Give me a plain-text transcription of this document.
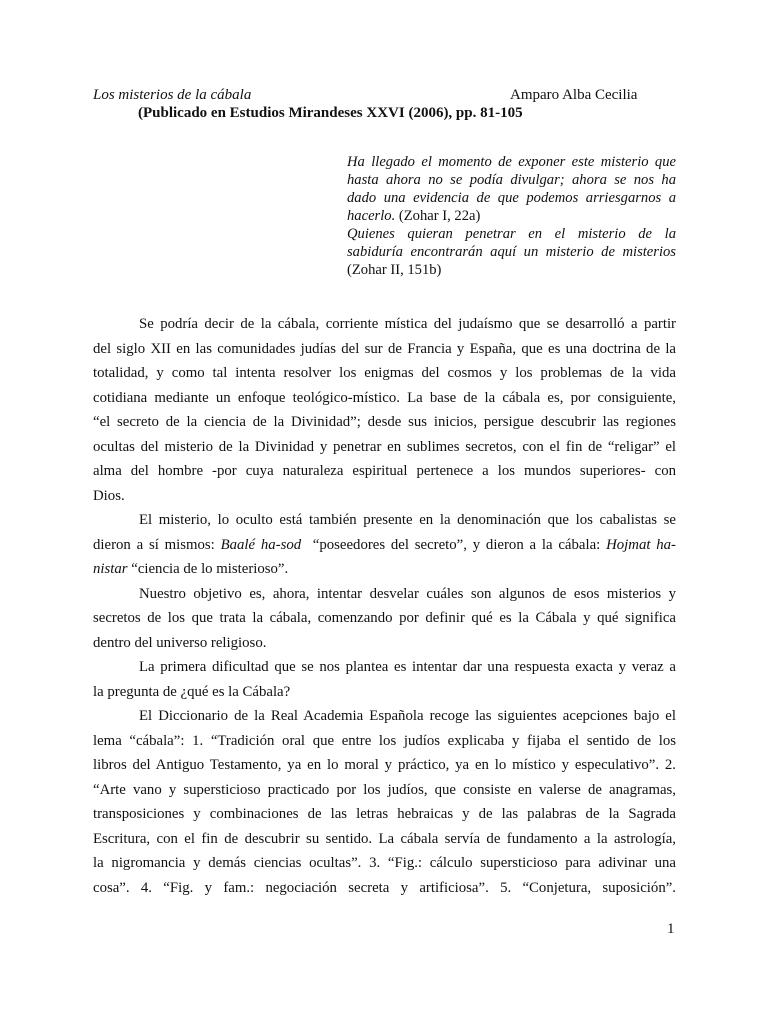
Los misterios de la cábala	Amparo Alba Cecilia
(Publicado en Estudios Mirandeses XXVI (2006), pp. 81-105
Ha llegado el momento de exponer este misterio que
hasta ahora no se podía divulgar; ahora se nos ha
dado una evidencia de que podemos arriesgarnos a
hacerlo. (Zohar I, 22a)
Quienes quieran penetrar en el misterio de la
sabiduría encontrarán aquí un misterio de misterios
(Zohar II, 151b)
Se podría decir de la cábala, corriente mística del judaísmo que se desarrolló a partir
del siglo XII en las comunidades judías del sur de Francia y España, que es una doctrina de la
totalidad, y como tal intenta resolver los enigmas del cosmos y los problemas de la vida
cotidiana mediante un enfoque teológico-místico. La base de la cábala es, por consiguiente,
“el secreto de la ciencia de la Divinidad”; desde sus inicios, persigue descubrir las regiones
ocultas del misterio de la Divinidad y penetrar en sublimes secretos, con el fin de “religar” el
alma del hombre -por cuya naturaleza espiritual pertenece a los mundos superiores- con
Dios.
El misterio, lo oculto está también presente en la denominación que los cabalistas se
dieron a sí mismos: Baalé ha-sod  “poseedores del secreto”, y dieron a la cábala: Hojmat ha-
nistar “ciencia de lo misterioso”.
Nuestro objetivo es, ahora, intentar desvelar cuáles son algunos de esos misterios y
secretos de los que trata la cábala, comenzando por definir qué es la Cábala y qué significa
dentro del universo religioso.
La primera dificultad que se nos plantea es intentar dar una respuesta exacta y veraz a
la pregunta de ¿qué es la Cábala?
El Diccionario de la Real Academia Española recoge las siguientes acepciones bajo el
lema “cábala”: 1. “Tradición oral que entre los judíos explicaba y fijaba el sentido de los
libros del Antiguo Testamento, ya en lo moral y práctico, ya en lo místico y especulativo”. 2.
“Arte vano y supersticioso practicado por los judíos, que consiste en valerse de anagramas,
transposiciones y combinaciones de las letras hebraicas y de las palabras de la Sagrada
Escritura, con el fin de descubrir su sentido. La cábala servía de fundamento a la astrología,
la nigromancia y demás ciencias ocultas”. 3. “Fig.: cálculo supersticioso para adivinar una
cosa”. 4. “Fig. y fam.: negociación secreta y artificiosa”. 5. “Conjetura, suposición”.
1
